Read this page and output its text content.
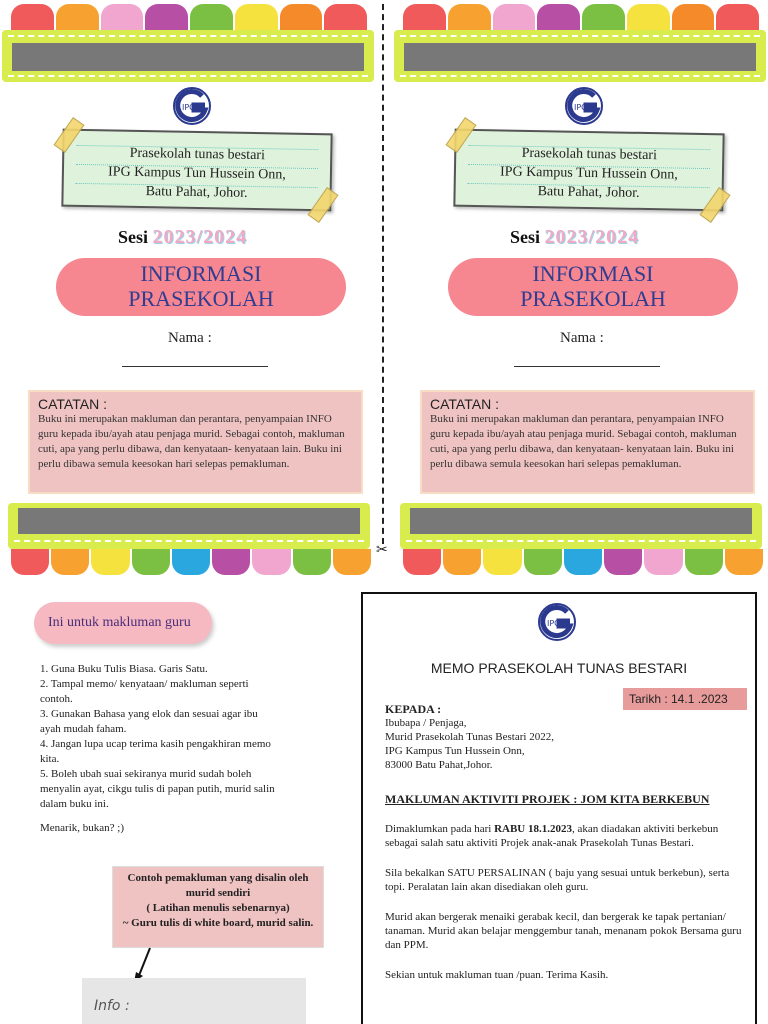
IPG
Prasekolah tunas bestari
IPG Kampus Tun Hussein Onn,
Batu Pahat, Johor.
Sesi 2023/2024
INFORMASI
PRASEKOLAH
Nama :
CATATAN :
Buku ini merupakan makluman dan perantara, penyampaian INFO guru kepada ibu/ayah atau penjaga murid. Sebagai contoh, makluman cuti, apa yang perlu dibawa, dan kenyataan- kenyataan lain. Buku ini perlu dibawa semula keesokan hari selepas pemakluman.
IPG
Prasekolah tunas bestari
IPG Kampus Tun Hussein Onn,
Batu Pahat, Johor.
Sesi 2023/2024
INFORMASI
PRASEKOLAH
Nama :
CATATAN :
Buku ini merupakan makluman dan perantara, penyampaian INFO guru kepada ibu/ayah atau penjaga murid. Sebagai contoh, makluman cuti, apa yang perlu dibawa, dan kenyataan- kenyataan lain. Buku ini perlu dibawa semula keesokan hari selepas pemakluman.
✂
Ini untuk makluman guru

1. Guna Buku Tulis Biasa. Garis Satu.

2. Tampal memo/ kenyataan/ makluman seperti contoh.

3. Gunakan Bahasa yang elok dan sesuai agar ibu ayah mudah faham.

4. Jangan lupa ucap terima kasih pengakhiran memo kita.

5. Boleh ubah suai sekiranya murid sudah boleh menyalin ayat, cikgu tulis di papan putih, murid salin dalam buku ini.

Menarik, bukan? ;)

Contoh pemakluman yang disalin oleh murid sendiri
( Latihan menulis sebenarnya)
~ Guru tulis di white board, murid salin.
Info :
IPG
MEMO PRASEKOLAH TUNAS BESTARI
Tarikh : 14.1 .2023
KEPADA :
Ibubapa / Penjaga,
Murid Prasekolah Tunas Bestari 2022,
IPG Kampus Tun Hussein Onn,
83000 Batu Pahat,Johor.
MAKLUMAN AKTIVITI PROJEK : JOM KITA BERKEBUN
Dimaklumkan pada hari RABU 18.1.2023, akan diadakan aktiviti berkebun sebagai salah satu aktiviti Projek anak-anak Prasekolah Tunas Bestari.
Sila bekalkan SATU PERSALINAN ( baju yang sesuai untuk berkebun), serta topi. Peralatan lain akan disediakan oleh guru.
Murid akan bergerak menaiki gerabak kecil, dan bergerak ke tapak pertanian/ tanaman. Murid akan belajar menggembur tanah, menanam pokok Bersama guru dan PPM.
Sekian untuk makluman tuan /puan. Terima Kasih.
